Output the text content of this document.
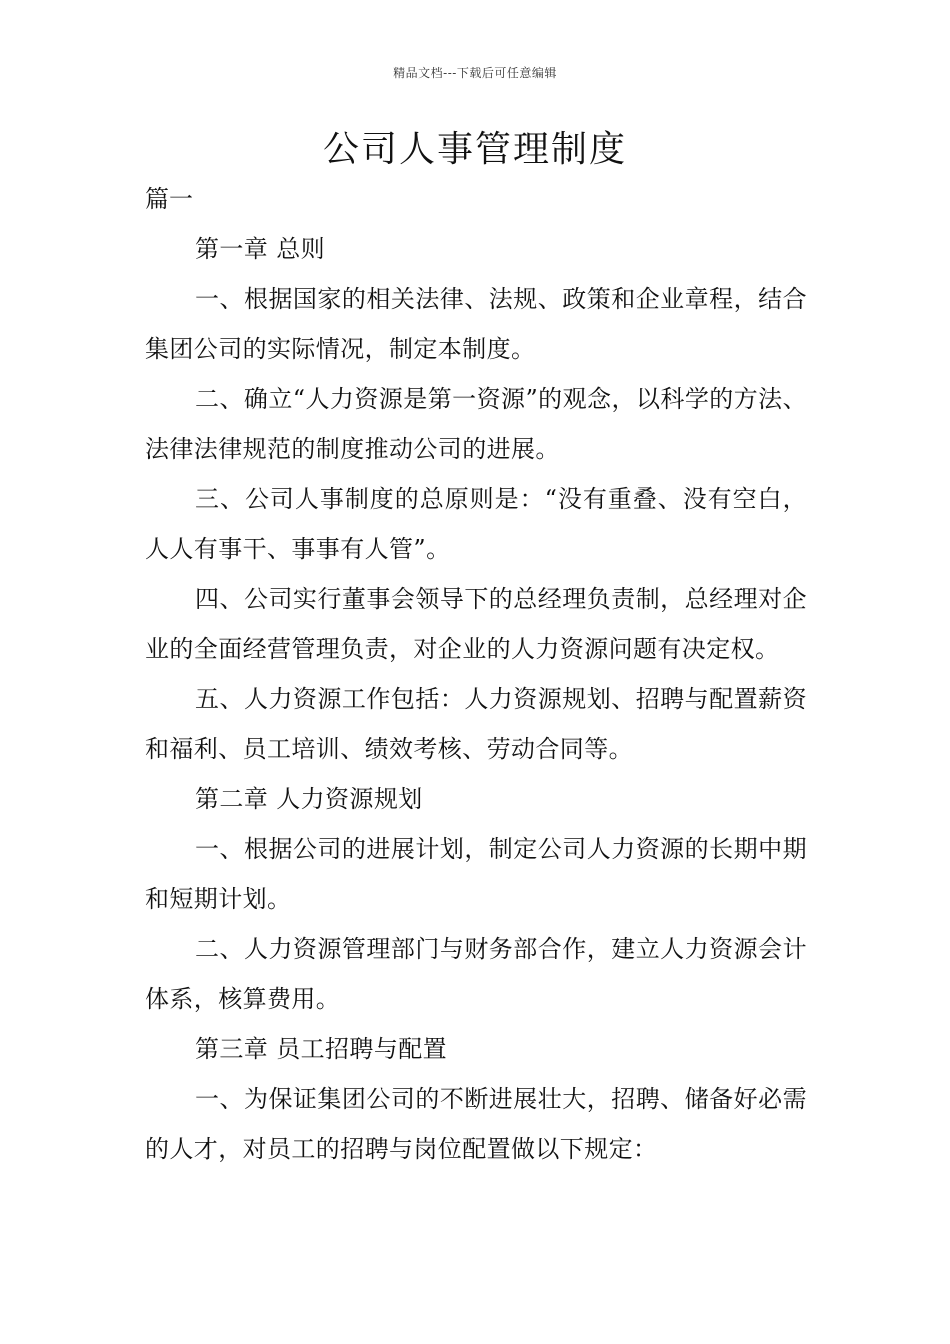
精品文档---下载后可任意编辑
公司人事管理制度

篇一

第一章 总则

一、根据国家的相关法律、法规、政策和企业章程，结合集团公司的实际情况，制定本制度。

二、确立“人力资源是第一资源”的观念，以科学的方法、法律法律规范的制度推动公司的进展。

三、公司人事制度的总原则是：“没有重叠、没有空白，人人有事干、事事有人管”。

四、公司实行董事会领导下的总经理负责制，总经理对企业的全面经营管理负责，对企业的人力资源问题有决定权。

五、人力资源工作包括：人力资源规划、招聘与配置薪资和福利、员工培训、绩效考核、劳动合同等。

第二章 人力资源规划

一、根据公司的进展计划，制定公司人力资源的长期中期和短期计划。

二、人力资源管理部门与财务部合作，建立人力资源会计体系，核算费用。

第三章 员工招聘与配置

一、为保证集团公司的不断进展壮大，招聘、储备好必需的人才，对员工的招聘与岗位配置做以下规定：
